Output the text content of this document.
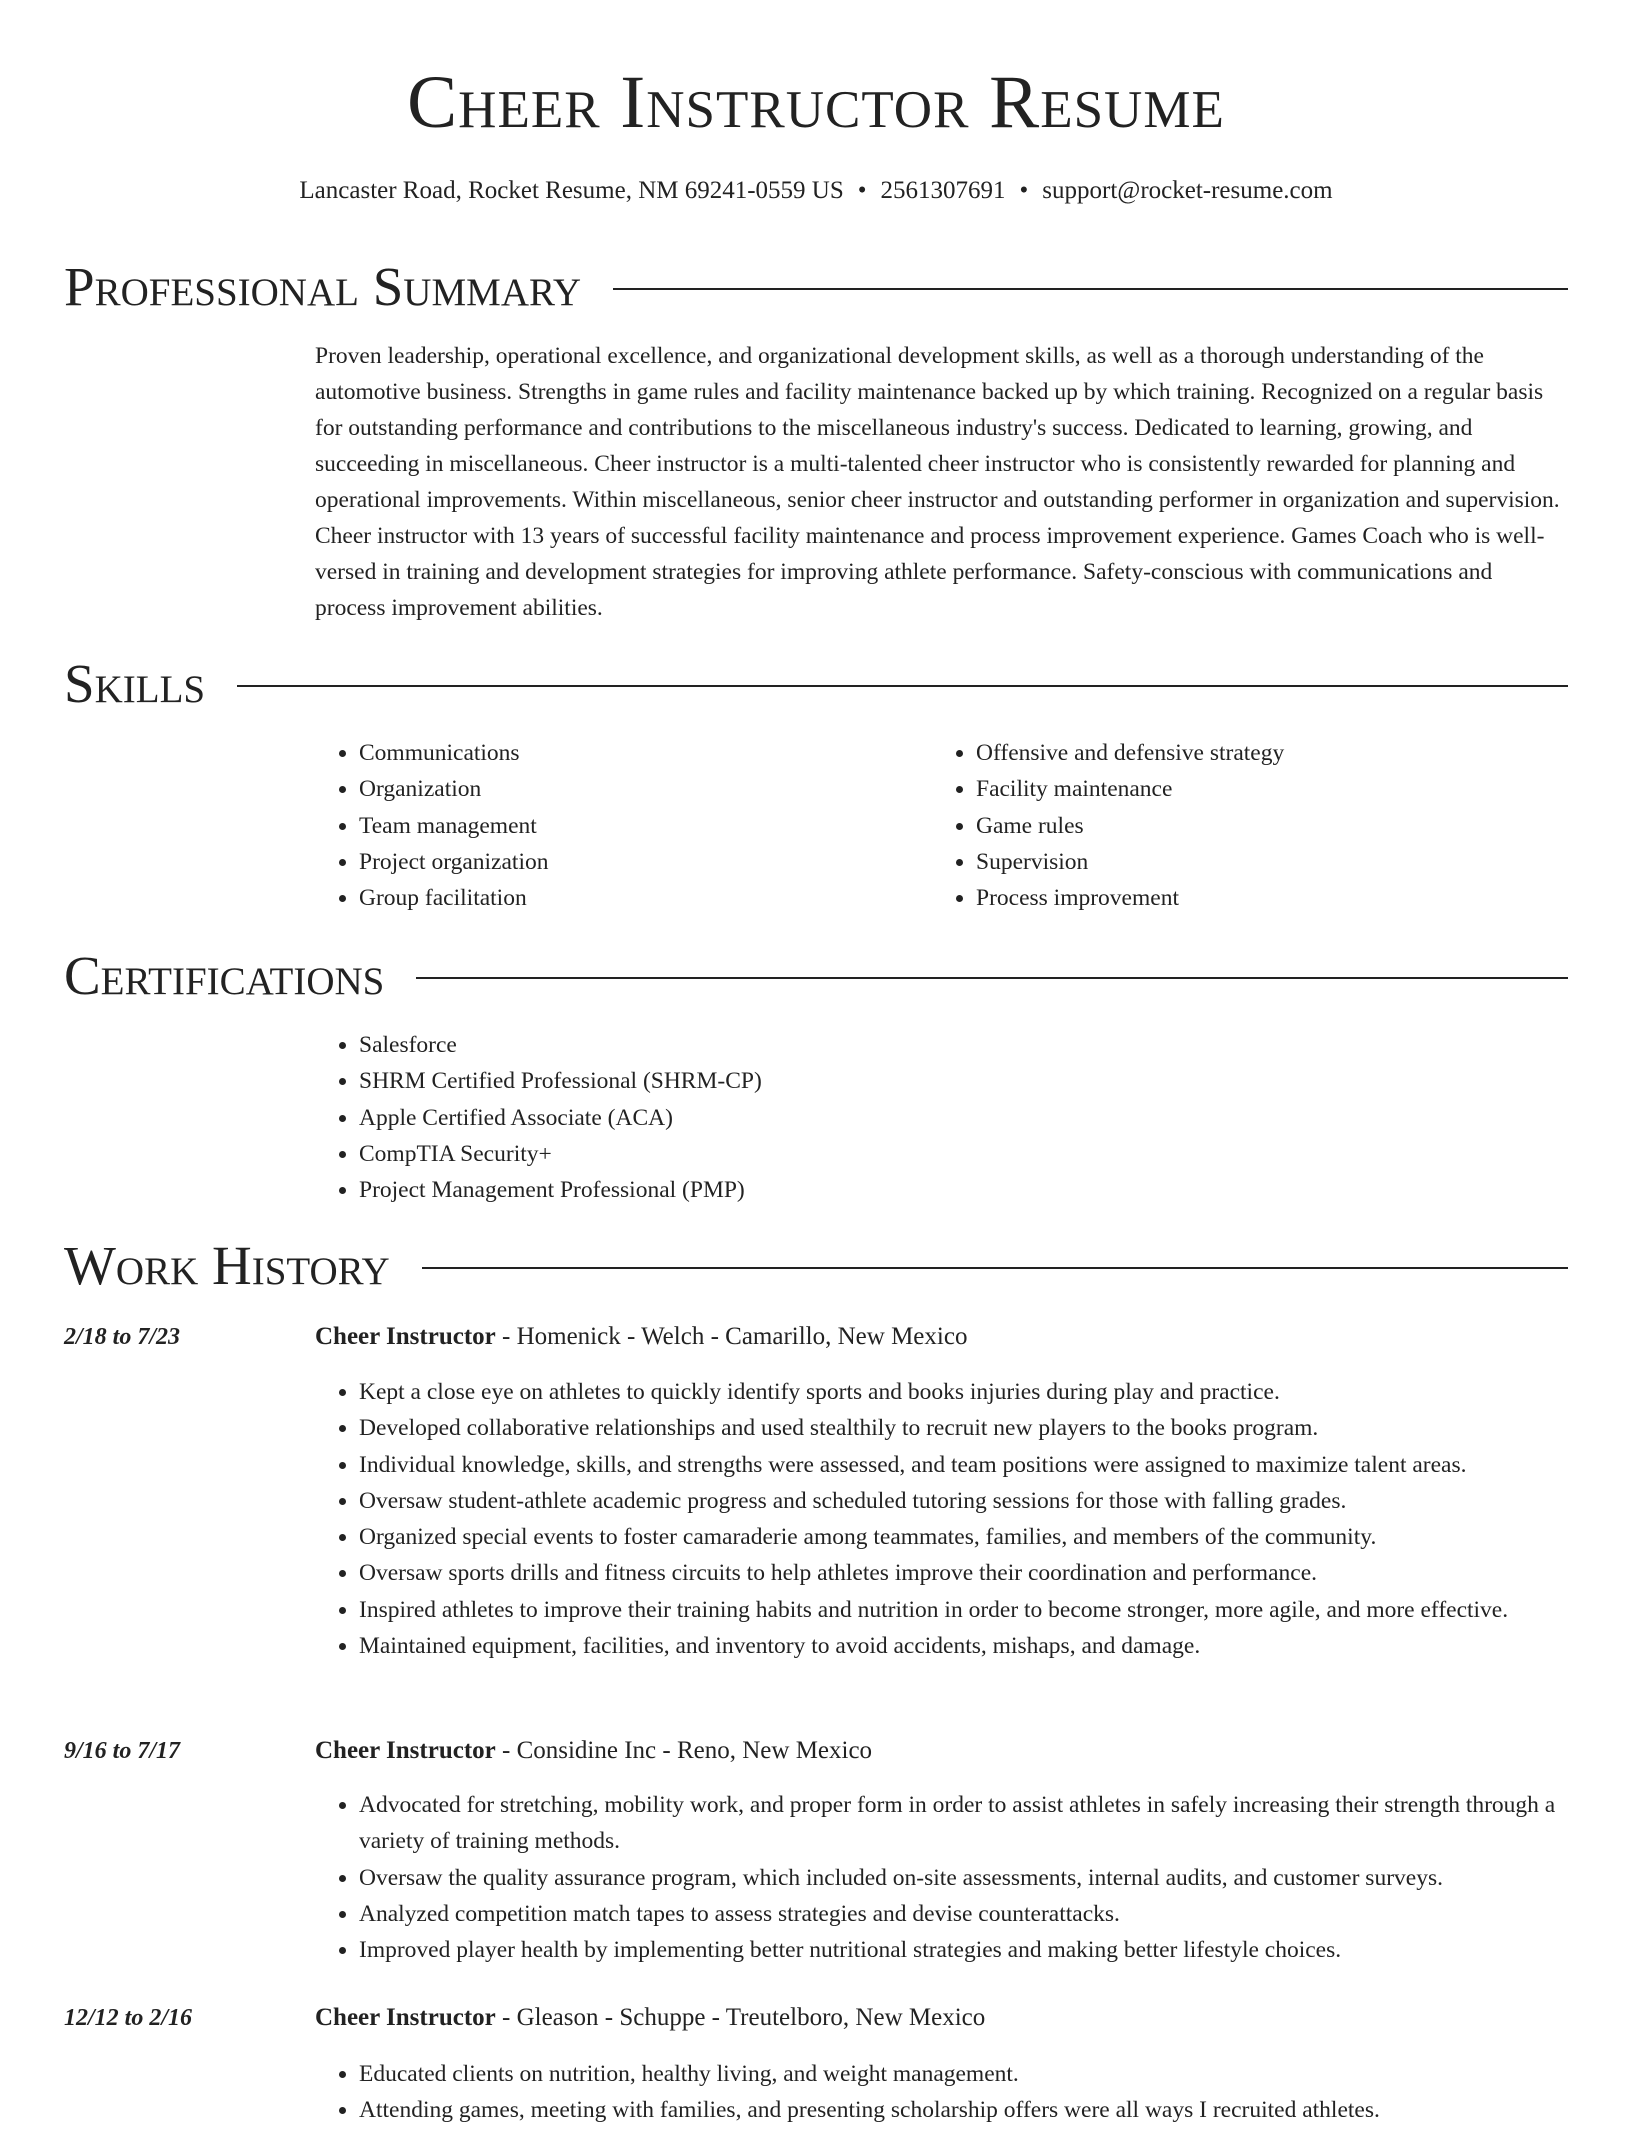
Cheer Instructor Resume
Lancaster Road, Rocket Resume, NM 69241-0559 US • 2561307691 • support@rocket-resume.com
Professional Summary

Proven leadership, operational excellence, and organizational development skills, as well as a thorough understanding of the automotive business. Strengths in game rules and facility maintenance backed up by which training. Recognized on a regular basis for outstanding performance and contributions to the miscellaneous industry's success. Dedicated to learning, growing, and succeeding in miscellaneous. Cheer instructor is a multi-talented cheer instructor who is consistently rewarded for planning and operational improvements. Within miscellaneous, senior cheer instructor and outstanding performer in organization and supervision. Cheer instructor with 13 years of successful facility maintenance and process improvement experience. Games Coach who is well-versed in training and development strategies for improving athlete performance. Safety-conscious with communications and process improvement abilities.

Skills
• Communications
• Organization
• Team management
• Project organization
• Group facilitation
• Offensive and defensive strategy
• Facility maintenance
• Game rules
• Supervision
• Process improvement
Certifications
• Salesforce
• SHRM Certified Professional (SHRM-CP)
• Apple Certified Associate (ACA)
• CompTIA Security+
• Project Management Professional (PMP)
Work History
2/18 to 7/23	Cheer Instructor - Homenick - Welch - Camarillo, New Mexico
• Kept a close eye on athletes to quickly identify sports and books injuries during play and practice.
• Developed collaborative relationships and used stealthily to recruit new players to the books program.
• Individual knowledge, skills, and strengths were assessed, and team positions were assigned to maximize talent areas.
• Oversaw student-athlete academic progress and scheduled tutoring sessions for those with falling grades.
• Organized special events to foster camaraderie among teammates, families, and members of the community.
• Oversaw sports drills and fitness circuits to help athletes improve their coordination and performance.
• Inspired athletes to improve their training habits and nutrition in order to become stronger, more agile, and more effective.
• Maintained equipment, facilities, and inventory to avoid accidents, mishaps, and damage.
9/16 to 7/17	Cheer Instructor - Considine Inc - Reno, New Mexico
• Advocated for stretching, mobility work, and proper form in order to assist athletes in safely increasing their strength through a variety of training methods.
• Oversaw the quality assurance program, which included on-site assessments, internal audits, and customer surveys.
• Analyzed competition match tapes to assess strategies and devise counterattacks.
• Improved player health by implementing better nutritional strategies and making better lifestyle choices.
12/12 to 2/16	Cheer Instructor - Gleason - Schuppe - Treutelboro, New Mexico
• Educated clients on nutrition, healthy living, and weight management.
• Attending games, meeting with families, and presenting scholarship offers were all ways I recruited athletes.
